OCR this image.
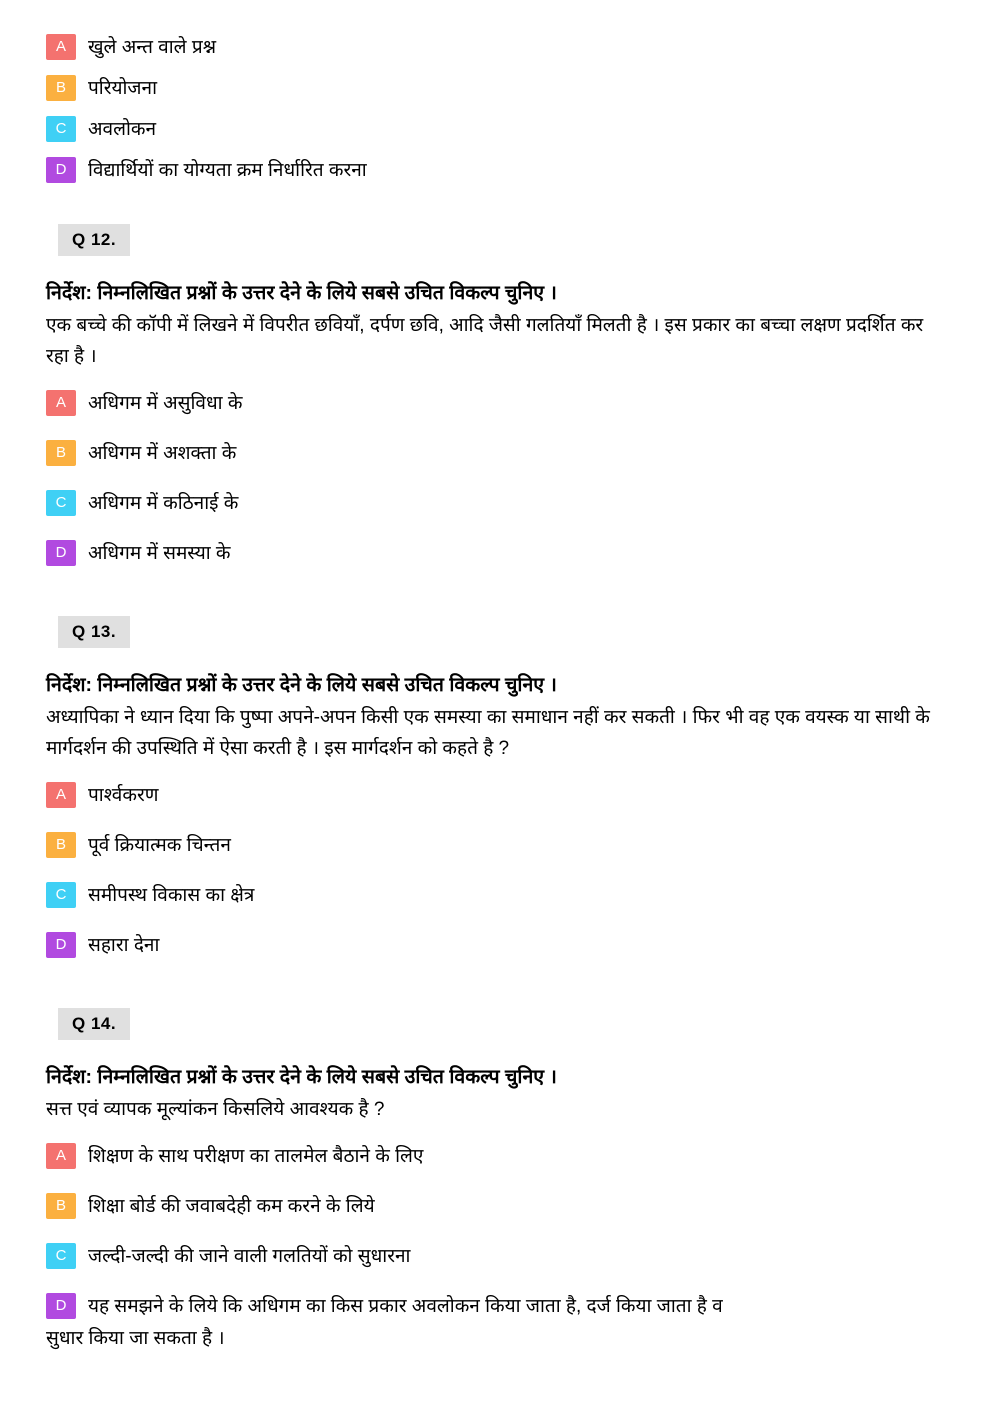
A	खुले अन्त वाले प्रश्न
B	परियोजना
C	अवलोकन
D	विद्यार्थियों का योग्यता क्रम निर्धारित करना
Q 12.
निर्देश: निम्नलिखित प्रश्नों के उत्तर देने के लिये सबसे उचित विकल्प चुनिए ।
एक बच्चे की कॉपी में लिखने में विपरीत छवियाँ, दर्पण छवि, आदि जैसी गलतियाँ मिलती है । इस प्रकार का बच्चा लक्षण प्रदर्शित कर रहा है ।
A	अधिगम में असुविधा के
B	अधिगम में अशक्ता के
C	अधिगम में कठिनाई के
D	अधिगम में समस्या के
Q 13.
निर्देश: निम्नलिखित प्रश्नों के उत्तर देने के लिये सबसे उचित विकल्प चुनिए ।
अध्यापिका ने ध्यान दिया कि पुष्पा अपने-अपन किसी एक समस्या का समाधान नहीं कर सकती । फिर भी वह एक वयस्क या साथी के मार्गदर्शन की उपस्थिति में ऐसा करती है । इस मार्गदर्शन को कहते है ?
A	पार्श्वकरण
B	पूर्व क्रियात्मक चिन्तन
C	समीपस्थ विकास का क्षेत्र
D	सहारा देना
Q 14.
निर्देश: निम्नलिखित प्रश्नों के उत्तर देने के लिये सबसे उचित विकल्प चुनिए ।
सत्त एवं व्यापक मूल्यांकन किसलिये आवश्यक है ?
A	शिक्षण के साथ परीक्षण का तालमेल बैठाने के लिए
B	शिक्षा बोर्ड की जवाबदेही कम करने के लिये
C	जल्दी-जल्दी की जाने वाली गलतियों को सुधारना
D	यह समझने के लिये कि अधिगम का किस प्रकार अवलोकन किया जाता है, दर्ज किया जाता है व
सुधार किया जा सकता है ।
